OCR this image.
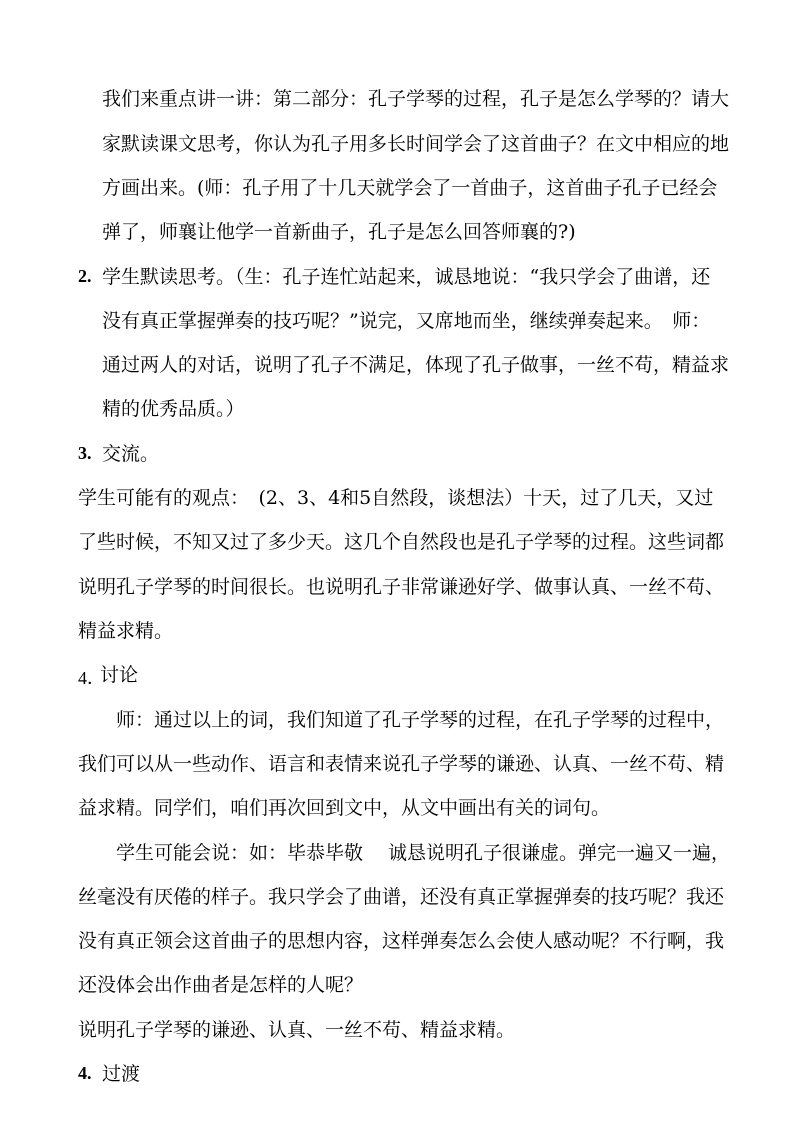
我们来重点讲一讲：第二部分：孔子学琴的过程，孔子是怎么学琴的？请大
家默读课文思考，你认为孔子用多长时间学会了这首曲子？在文中相应的地
方画出来。(师：孔子用了十几天就学会了一首曲子，这首曲子孔子已经会
弹了，师襄让他学一首新曲子，孔子是怎么回答师襄的?)
2. 学生默读思考。（生：孔子连忙站起来，诚恳地说：“我只学会了曲谱，还
没有真正掌握弹奏的技巧呢？”说完，又席地而坐，继续弹奏起来。　师：
通过两人的对话，说明了孔子不满足，体现了孔子做事，一丝不苟，精益求
精的优秀品质。）
3. 交流。
学生可能有的观点：　(2、3、4和5自然段，谈想法）十天，过了几天，又过
了些时候，不知又过了多少天。这几个自然段也是孔子学琴的过程。这些词都
说明孔子学琴的时间很长。也说明孔子非常谦逊好学、做事认真、一丝不苟、
精益求精。
4．
讨论
师：通过以上的词，我们知道了孔子学琴的过程，在孔子学琴的过程中，
我们可以从一些动作、语言和表情来说孔子学琴的谦逊、认真、一丝不苟、精
益求精。同学们，咱们再次回到文中，从文中画出有关的词句。
学生可能会说：如：毕恭毕敬　 诚恳说明孔子很谦虚。弹完一遍又一遍，
丝毫没有厌倦的样子。我只学会了曲谱，还没有真正掌握弹奏的技巧呢？我还
没有真正领会这首曲子的思想内容，这样弹奏怎么会使人感动呢？不行啊，我
还没体会出作曲者是怎样的人呢？
说明孔子学琴的谦逊、认真、一丝不苟、精益求精。
4. 过渡
